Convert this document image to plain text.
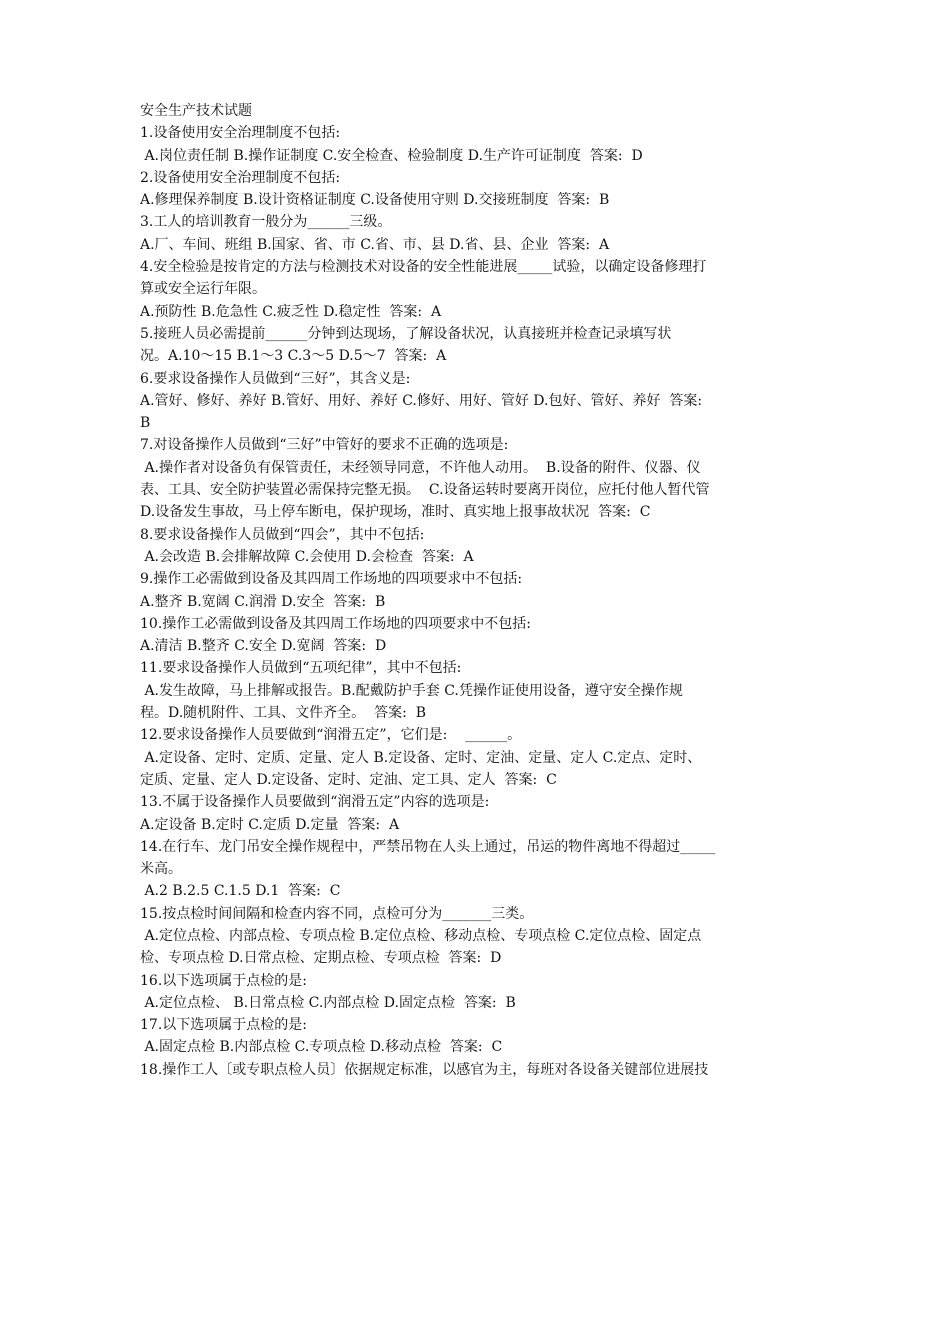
安全生产技术试题
1.设备使用安全治理制度不包括:
A.岗位责任制 B.操作证制度 C.安全检查、检验制度 D.生产许可证制度  答案:  D
2.设备使用安全治理制度不包括:
A.修理保养制度 B.设计资格证制度 C.设备使用守则 D.交接班制度  答案:  B
3.工人的培训教育一般分为______三级。
A.厂、车间、班组 B.国家、省、市 C.省、市、县 D.省、县、企业  答案:  A
4.安全检验是按肯定的方法与检测技术对设备的安全性能进展_____试验，以确定设备修理打
算或安全运行年限。
A.预防性 B.危急性 C.疲乏性 D.稳定性  答案:  A
5.接班人员必需提前______分钟到达现场，了解设备状况，认真接班并检查记录填写状
况。A.10～15 B.1～3 C.3～5 D.5～7  答案:  A
6.要求设备操作人员做到“三好”，其含义是:
A.管好、修好、养好 B.管好、用好、养好 C.修好、用好、管好 D.包好、管好、养好  答案:
B
7.对设备操作人员做到“三好”中管好的要求不正确的选项是:
A.操作者对设备负有保管责任，未经领导同意，不许他人动用。  B.设备的附件、仪器、仪
表、工具、安全防护装置必需保持完整无损。  C.设备运转时要离开岗位，应托付他人暂代管
D.设备发生事故，马上停车断电，保护现场，准时、真实地上报事故状况  答案:  C
8.要求设备操作人员做到“四会”，其中不包括:
A.会改造 B.会排解故障 C.会使用 D.会检查  答案:  A
9.操作工必需做到设备及其四周工作场地的四项要求中不包括:
A.整齐 B.宽阔 C.润滑 D.安全  答案:  B
10.操作工必需做到设备及其四周工作场地的四项要求中不包括:
A.清洁 B.整齐 C.安全 D.宽阔  答案:  D
11.要求设备操作人员做到“五项纪律”，其中不包括:
A.发生故障，马上排解或报告。B.配戴防护手套 C.凭操作证使用设备，遵守安全操作规
程。D.随机附件、工具、文件齐全。  答案:  B
12.要求设备操作人员要做到“润滑五定”，它们是:    ______。
A.定设备、定时、定质、定量、定人 B.定设备、定时、定油、定量、定人 C.定点、定时、
定质、定量、定人 D.定设备、定时、定油、定工具、定人  答案:  C
13.不属于设备操作人员要做到“润滑五定”内容的选项是:
A.定设备 B.定时 C.定质 D.定量  答案:  A
14.在行车、龙门吊安全操作规程中，严禁吊物在人头上通过，吊运的物件离地不得超过_____
米高。
A.2 B.2.5 C.1.5 D.1  答案:  C
15.按点检时间间隔和检查内容不同，点检可分为_______三类。
A.定位点检、内部点检、专项点检 B.定位点检、移动点检、专项点检 C.定位点检、固定点
检、专项点检 D.日常点检、定期点检、专项点检  答案:  D
16.以下选项属于点检的是:
A.定位点检、 B.日常点检 C.内部点检 D.固定点检  答案:  B
17.以下选项属于点检的是:
A.固定点检 B.内部点检 C.专项点检 D.移动点检  答案:  C
18.操作工人〔或专职点检人员〕依据规定标准，以感官为主，每班对各设备关键部位进展技
